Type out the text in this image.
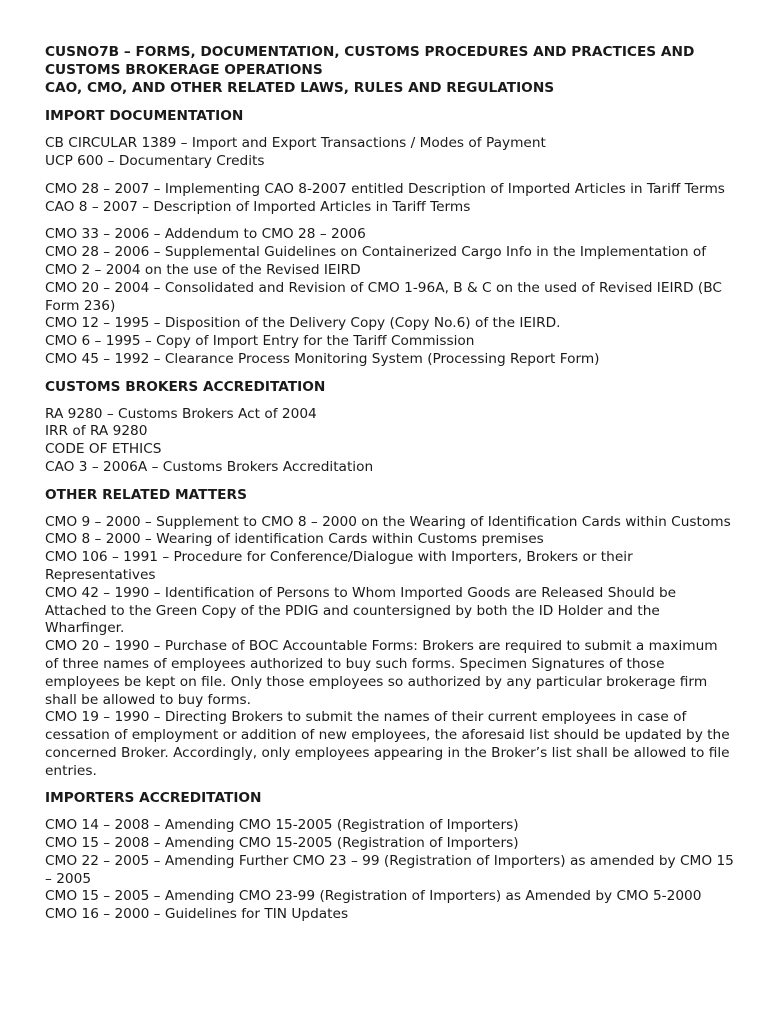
CUSNO7B – FORMS, DOCUMENTATION, CUSTOMS PROCEDURES AND PRACTICES AND
CUSTOMS BROKERAGE OPERATIONS
CAO, CMO, AND OTHER RELATED LAWS, RULES AND REGULATIONS
IMPORT DOCUMENTATION
CB CIRCULAR 1389 – Import and Export Transactions / Modes of Payment
UCP 600 – Documentary Credits
CMO 28 – 2007 – Implementing CAO 8-2007 entitled Description of Imported Articles in Tariff Terms
CAO 8 – 2007 – Description of Imported Articles in Tariff Terms
CMO 33 – 2006 – Addendum to CMO 28 – 2006
CMO 28 – 2006 – Supplemental Guidelines on Containerized Cargo Info in the Implementation of CMO 2 – 2004 on the use of the Revised IEIRD
CMO 20 – 2004 – Consolidated and Revision of CMO 1-96A, B & C on the used of Revised IEIRD (BC Form 236)
CMO 12 – 1995 – Disposition of the Delivery Copy (Copy No.6) of the IEIRD.
CMO 6 – 1995 – Copy of Import Entry for the Tariff Commission
CMO 45 – 1992 – Clearance Process Monitoring System (Processing Report Form)
CUSTOMS BROKERS ACCREDITATION
RA 9280 – Customs Brokers Act of 2004
IRR of RA 9280
CODE OF ETHICS
CAO 3 – 2006A – Customs Brokers Accreditation
OTHER RELATED MATTERS
CMO 9 – 2000 – Supplement to CMO 8 – 2000 on the Wearing of Identification Cards within Customs
CMO 8 – 2000 – Wearing of identification Cards within Customs premises
CMO 106 – 1991 – Procedure for Conference/Dialogue with Importers, Brokers or their Representatives
CMO 42 – 1990 – Identification of Persons to Whom Imported Goods are Released Should be Attached to the Green Copy of the PDIG and countersigned by both the ID Holder and the Wharfinger.
CMO 20 – 1990 – Purchase of BOC Accountable Forms: Brokers are required to submit a maximum of three names of employees authorized to buy such forms. Specimen Signatures of those employees be kept on file. Only those employees so authorized by any particular brokerage firm shall be allowed to buy forms.
CMO 19 – 1990 – Directing Brokers to submit the names of their current employees in case of cessation of employment or addition of new employees, the aforesaid list should be updated by the concerned Broker. Accordingly, only employees appearing in the Broker’s list shall be allowed to file entries.
IMPORTERS ACCREDITATION
CMO 14 – 2008 – Amending CMO 15-2005 (Registration of Importers)
CMO 15 – 2008 – Amending CMO 15-2005 (Registration of Importers)
CMO 22 – 2005 – Amending Further CMO 23 – 99 (Registration of Importers) as amended by CMO 15 – 2005
CMO 15 – 2005 – Amending CMO 23-99 (Registration of Importers) as Amended by CMO 5-2000
CMO 16 – 2000 – Guidelines for TIN Updates
